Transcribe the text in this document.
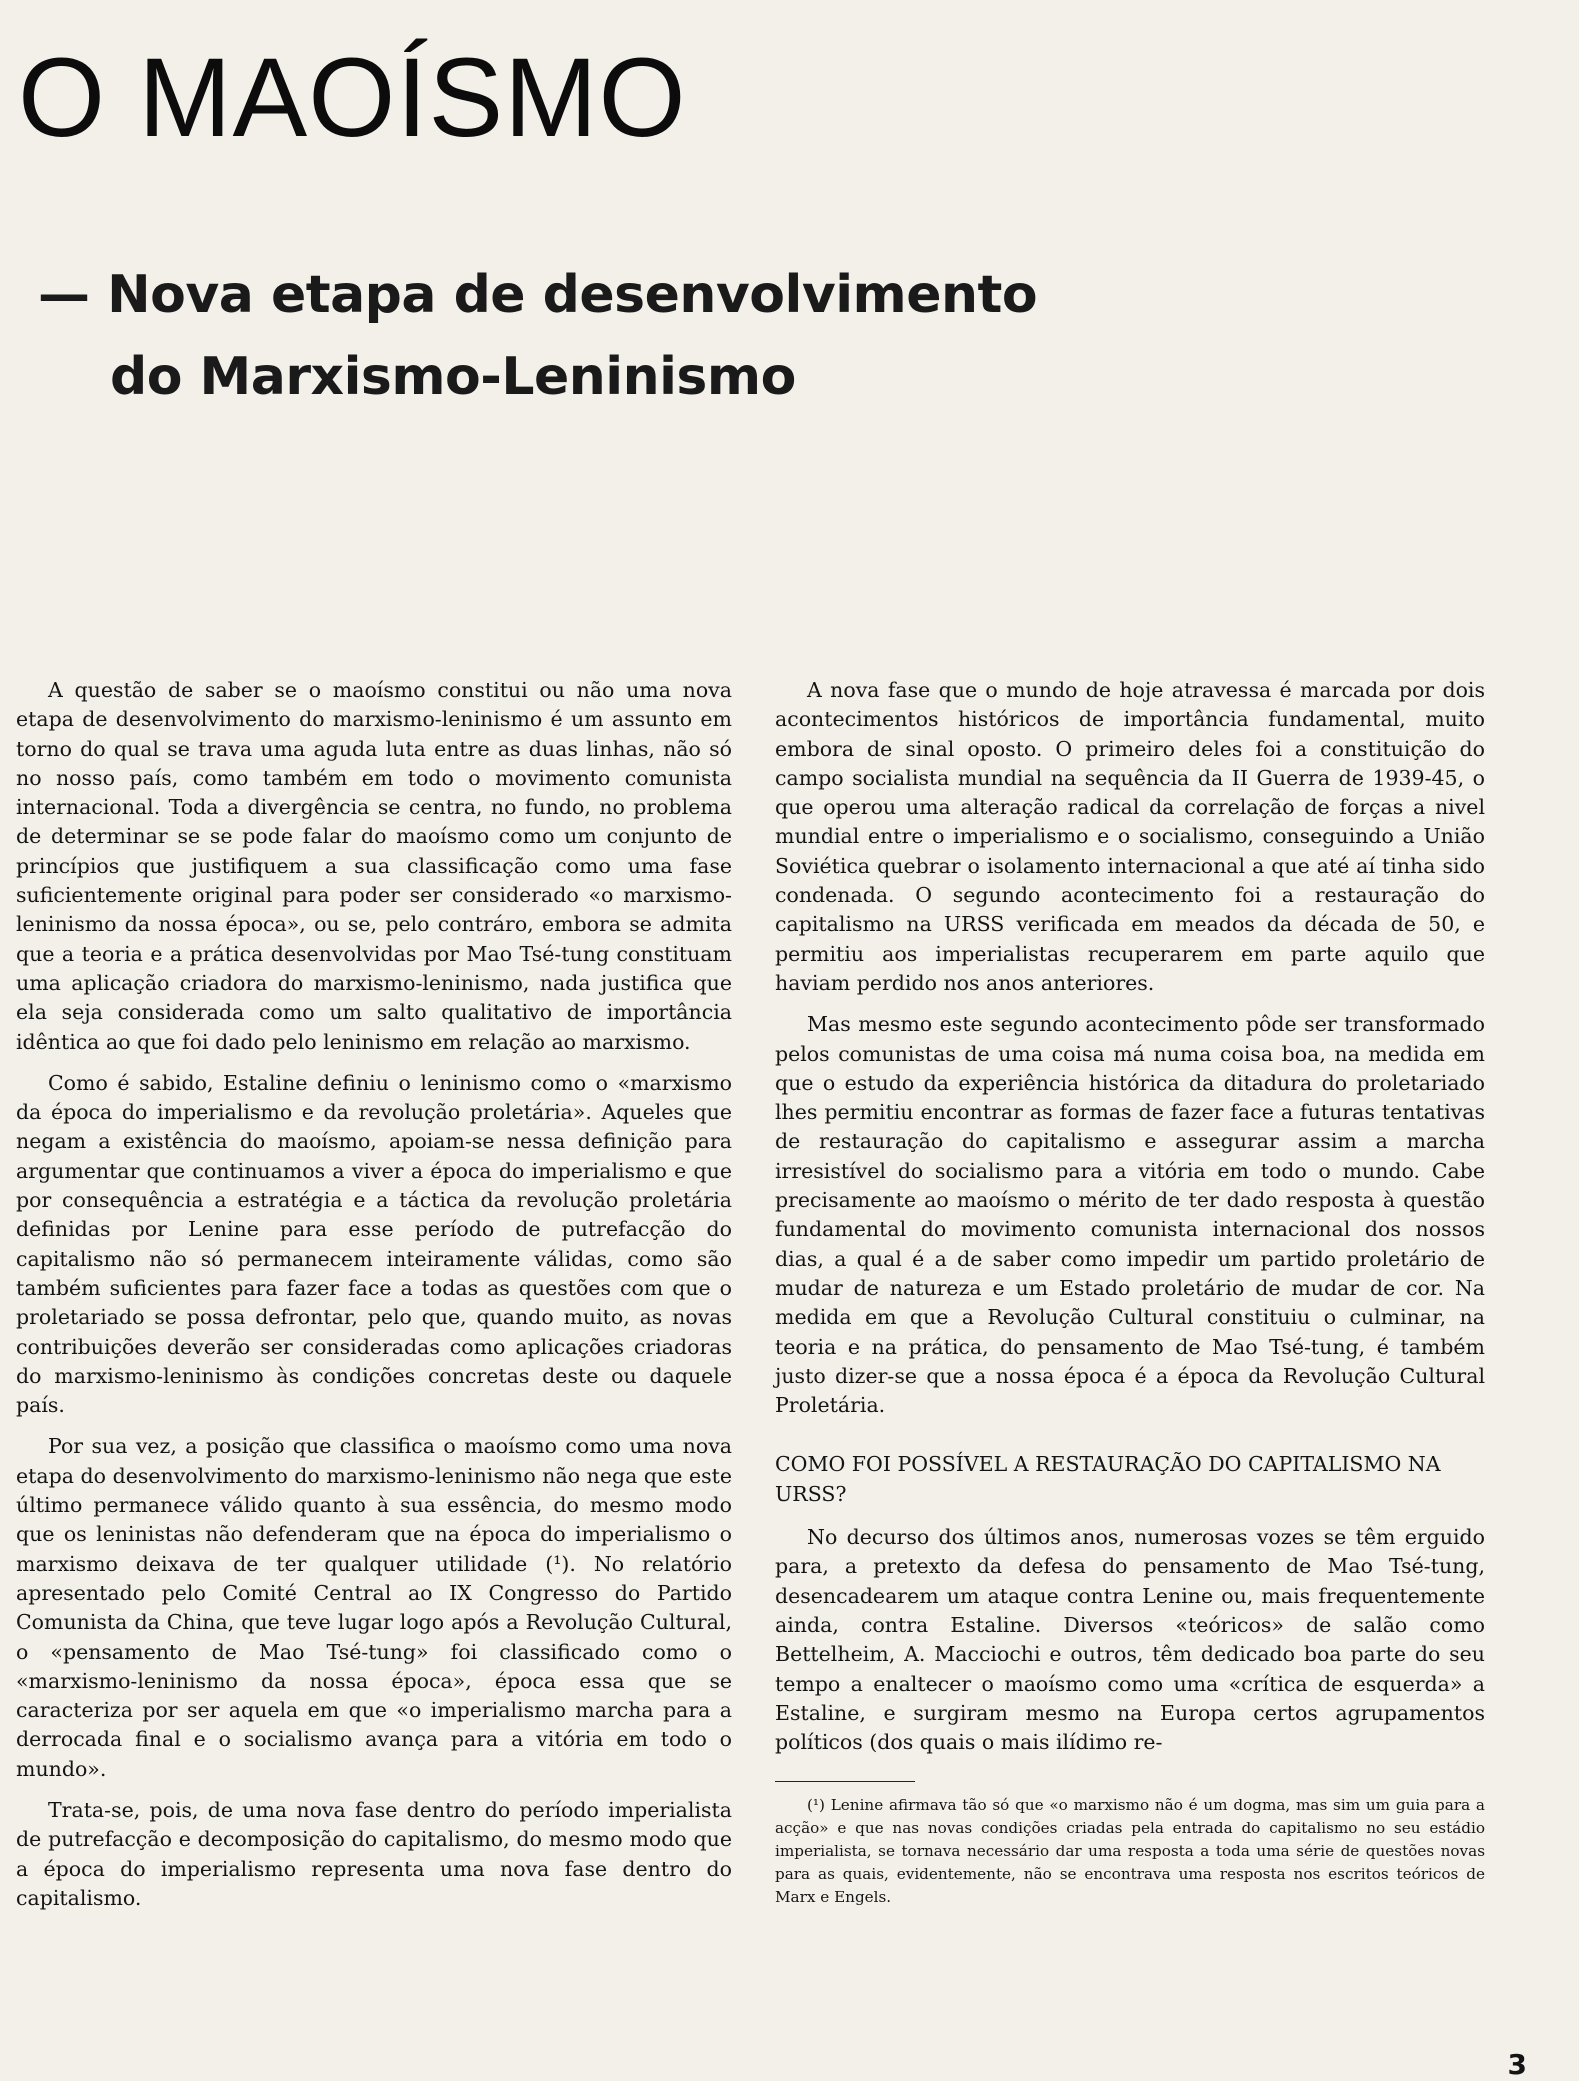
O MAOÍSMO
— Nova etapa de desenvolvimento
do Marxismo-Leninismo

A questão de saber se o maoísmo constitui ou não uma nova etapa de desenvolvimento do marxismo-leninismo é um assunto em torno do qual se trava uma aguda luta entre as duas linhas, não só no nosso país, como também em todo o movimento comunista internacional. Toda a divergência se centra, no fundo, no problema de determinar se se pode falar do maoísmo como um conjunto de princípios que justifiquem a sua classificação como uma fase suficientemente original para poder ser considerado «o marxismo-leninismo da nossa época», ou se, pelo contráro, embora se admita que a teoria e a prática desenvolvidas por Mao Tsé-tung constituam uma aplicação criadora do marxismo-leninismo, nada justifica que ela seja considerada como um salto qualitativo de importância idêntica ao que foi dado pelo leninismo em relação ao marxismo.

Como é sabido, Estaline definiu o leninismo como o «marxismo da época do imperialismo e da revolução proletária». Aqueles que negam a existência do maoísmo, apoiam-se nessa definição para argumentar que continuamos a viver a época do imperialismo e que por consequência a estratégia e a táctica da revolução proletária definidas por Lenine para esse período de putrefacção do capitalismo não só permanecem inteiramente válidas, como são também suficientes para fazer face a todas as questões com que o proletariado se possa defrontar, pelo que, quando muito, as novas contribuições deverão ser consideradas como aplicações criadoras do marxismo-leninismo às condições concretas deste ou daquele país.

Por sua vez, a posição que classifica o maoísmo como uma nova etapa do desenvolvimento do marxismo-leninismo não nega que este último permanece válido quanto à sua essência, do mesmo modo que os leninistas não defenderam que na época do imperialismo o marxismo deixava de ter qualquer utilidade (¹). No relatório apresentado pelo Comité Central ao IX Congresso do Partido Comunista da China, que teve lugar logo após a Revolução Cultural, o «pensamento de Mao Tsé-tung» foi classificado como o «marxismo-leninismo da nossa época», época essa que se caracteriza por ser aquela em que «o imperialismo marcha para a derrocada final e o socialismo avança para a vitória em todo o mundo».

Trata-se, pois, de uma nova fase dentro do período imperialista de putrefacção e decomposição do capitalismo, do mesmo modo que a época do imperialismo representa uma nova fase dentro do capitalismo.

A nova fase que o mundo de hoje atravessa é marcada por dois acontecimentos históricos de importância fundamental, muito embora de sinal oposto. O primeiro deles foi a constituição do campo socialista mundial na sequência da II Guerra de 1939-45, o que operou uma alteração radical da correlação de forças a nivel mundial entre o imperialismo e o socialismo, conseguindo a União Soviética quebrar o isolamento internacional a que até aí tinha sido condenada. O segundo acontecimento foi a restauração do capitalismo na URSS verificada em meados da década de 50, e permitiu aos imperialistas recuperarem em parte aquilo que haviam perdido nos anos anteriores.

Mas mesmo este segundo acontecimento pôde ser transformado pelos comunistas de uma coisa má numa coisa boa, na medida em que o estudo da experiência histórica da ditadura do proletariado lhes permitiu encontrar as formas de fazer face a futuras tentativas de restauração do capitalismo e assegurar assim a marcha irresistível do socialismo para a vitória em todo o mundo. Cabe precisamente ao maoísmo o mérito de ter dado resposta à questão fundamental do movimento comunista internacional dos nossos dias, a qual é a de saber como impedir um partido proletário de mudar de natureza e um Estado proletário de mudar de cor. Na medida em que a Revolução Cultural constituiu o culminar, na teoria e na prática, do pensamento de Mao Tsé-tung, é também justo dizer-se que a nossa época é a época da Revolução Cultural Proletária.

COMO FOI POSSÍVEL A RESTAURAÇÃO DO CAPITALISMO NA URSS?

No decurso dos últimos anos, numerosas vozes se têm erguido para, a pretexto da defesa do pensamento de Mao Tsé-tung, desencadearem um ataque contra Lenine ou, mais frequentemente ainda, contra Estaline. Diversos «teóricos» de salão como Bettelheim, A. Macciochi e outros, têm dedicado boa parte do seu tempo a enaltecer o maoísmo como uma «crítica de esquerda» a Estaline, e surgiram mesmo na Europa certos agrupamentos políticos (dos quais o mais ilídimo re-

(¹) Lenine afirmava tão só que «o marxismo não é um dogma, mas sim um guia para a acção» e que nas novas condições criadas pela entrada do capitalismo no seu estádio imperialista, se tornava necessário dar uma resposta a toda uma série de questões novas para as quais, evidentemente, não se encontrava uma resposta nos escritos teóricos de Marx e Engels.

3
